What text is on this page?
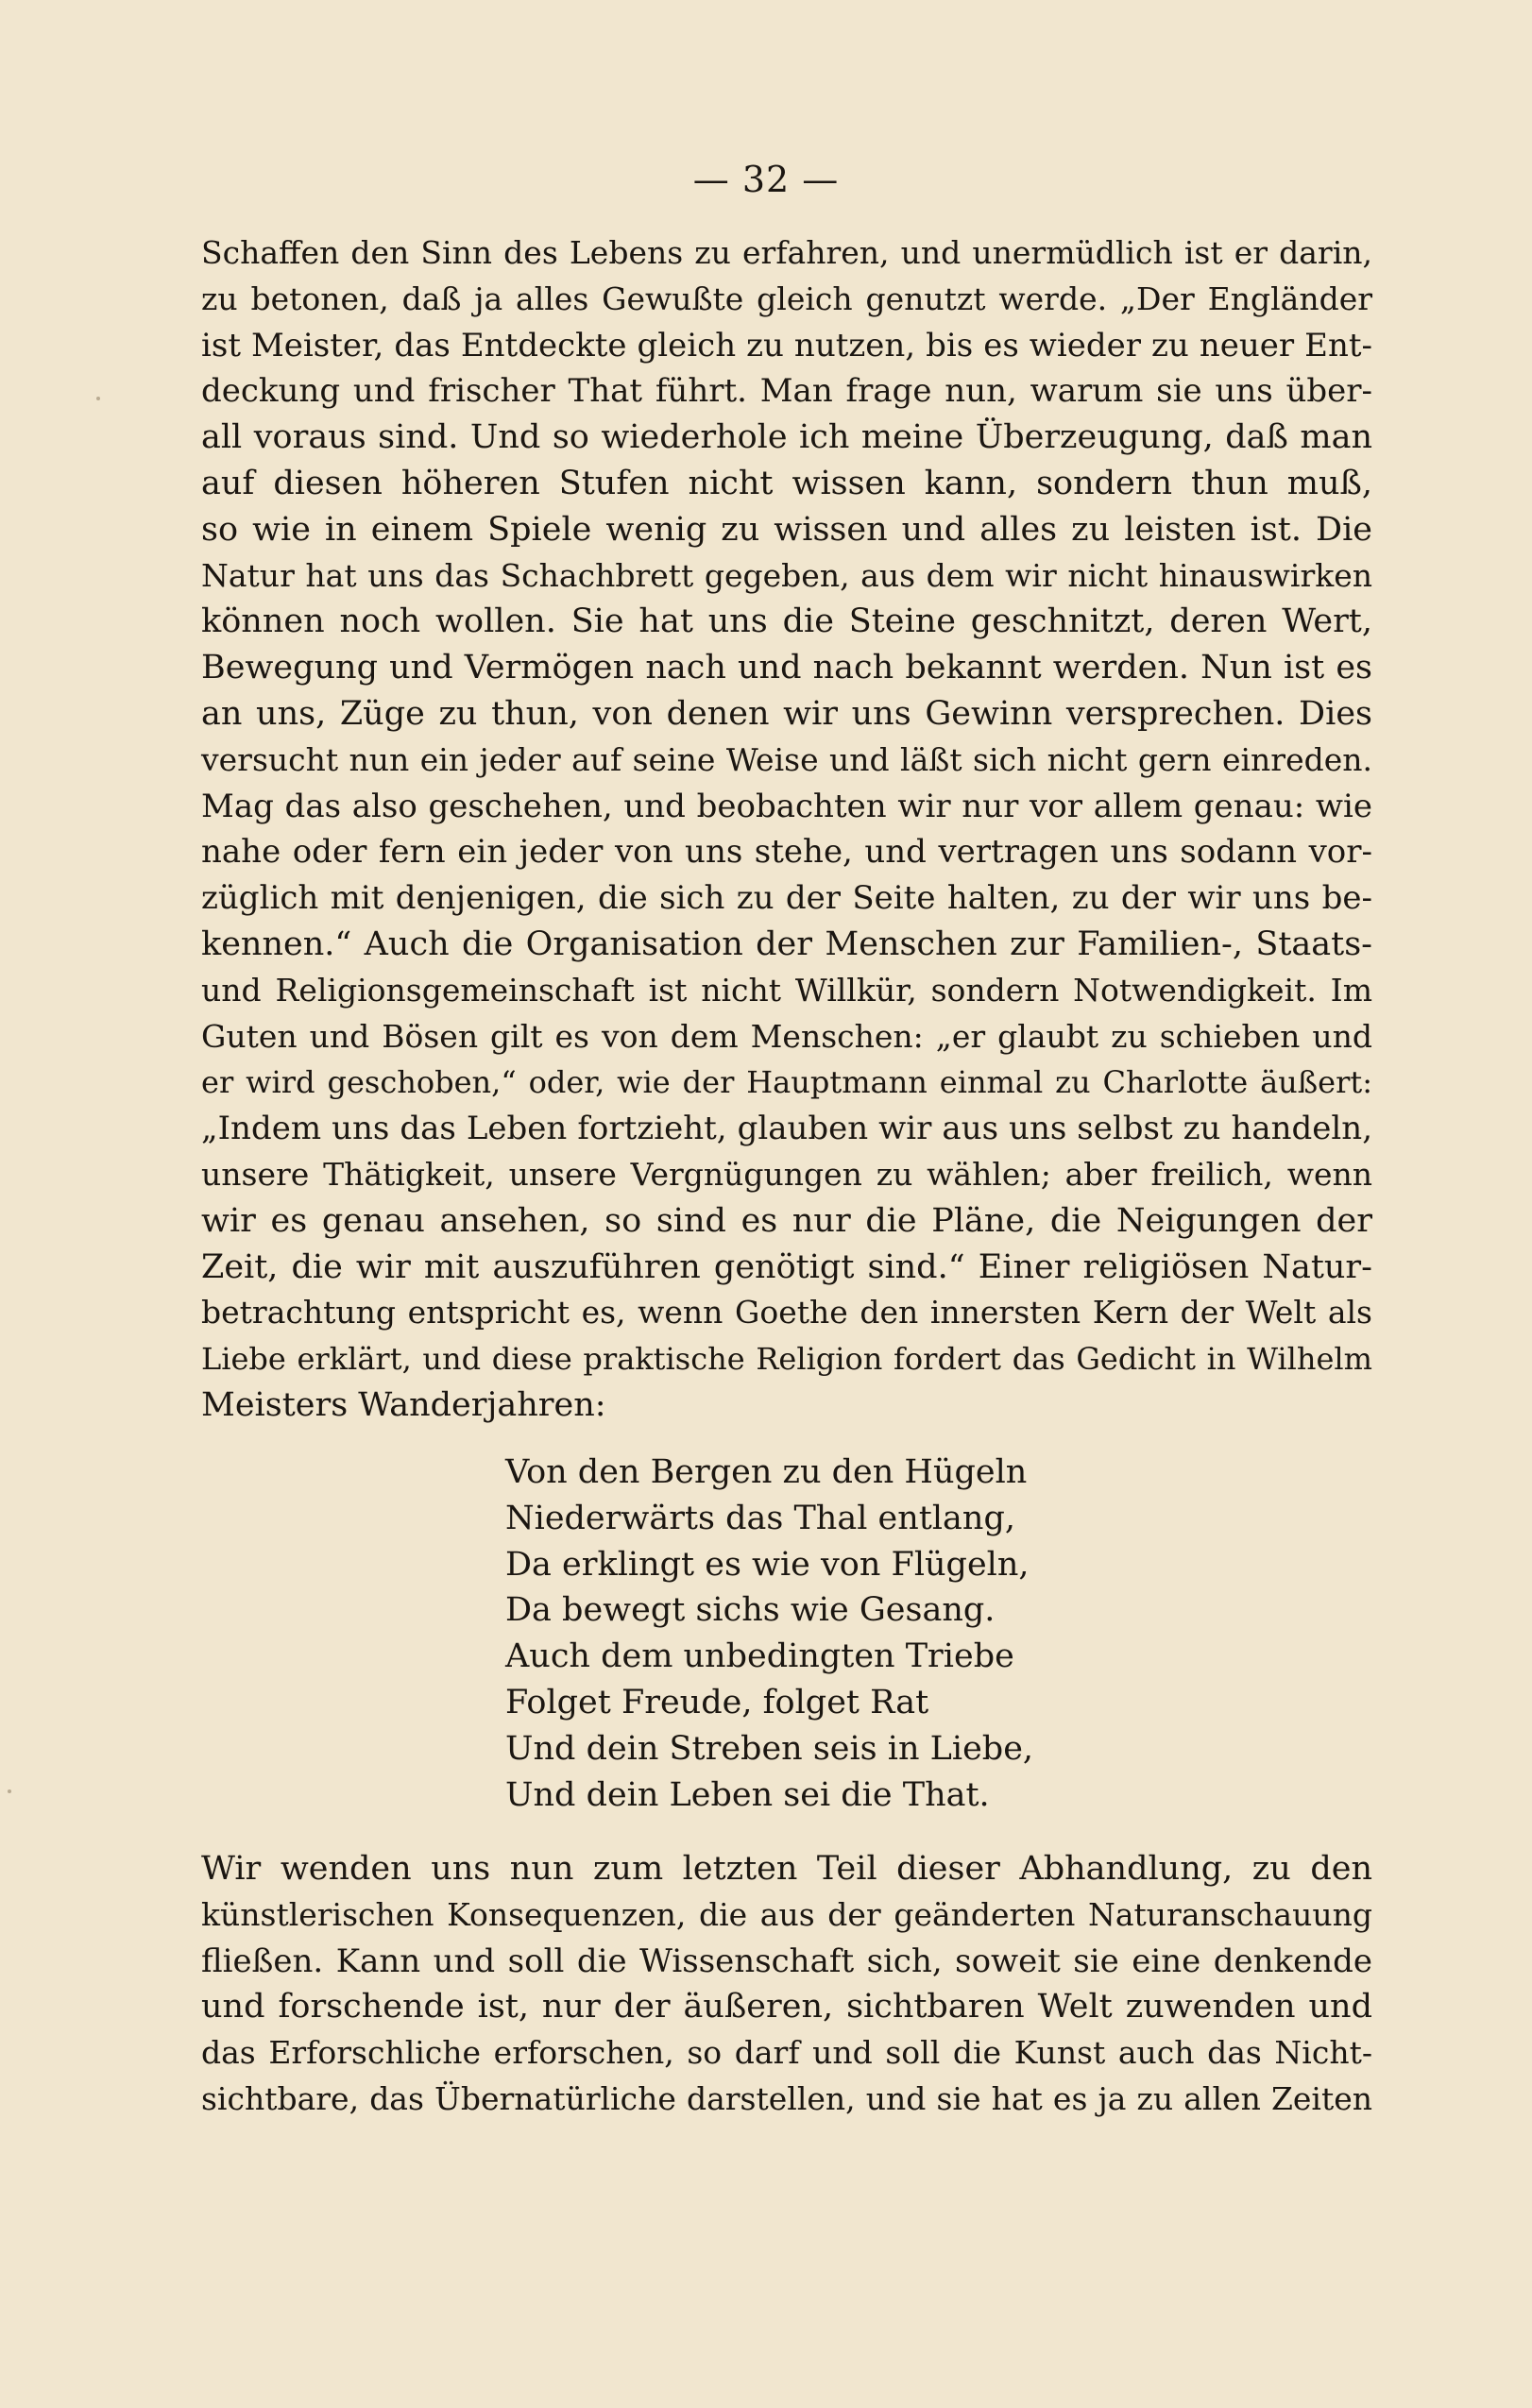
— 32 —
Schaffen den Sinn des Lebens zu erfahren, und unermüdlich ist er darin,
zu betonen, daß ja alles Gewußte gleich genutzt werde. „Der Engländer
ist Meister, das Entdeckte gleich zu nutzen, bis es wieder zu neuer Ent-
deckung und frischer That führt. Man frage nun, warum sie uns über-
all voraus sind. Und so wiederhole ich meine Überzeugung, daß man
auf diesen höheren Stufen nicht wissen kann, sondern thun muß,
so wie in einem Spiele wenig zu wissen und alles zu leisten ist. Die
Natur hat uns das Schachbrett gegeben, aus dem wir nicht hinauswirken
können noch wollen. Sie hat uns die Steine geschnitzt, deren Wert,
Bewegung und Vermögen nach und nach bekannt werden. Nun ist es
an uns, Züge zu thun, von denen wir uns Gewinn versprechen. Dies
versucht nun ein jeder auf seine Weise und läßt sich nicht gern einreden.
Mag das also geschehen, und beobachten wir nur vor allem genau: wie
nahe oder fern ein jeder von uns stehe, und vertragen uns sodann vor-
züglich mit denjenigen, die sich zu der Seite halten, zu der wir uns be-
kennen.“ Auch die Organisation der Menschen zur Familien-, Staats-
und Religionsgemeinschaft ist nicht Willkür, sondern Notwendigkeit. Im
Guten und Bösen gilt es von dem Menschen: „er glaubt zu schieben und
er wird geschoben,“ oder, wie der Hauptmann einmal zu Charlotte äußert:
„Indem uns das Leben fortzieht, glauben wir aus uns selbst zu handeln,
unsere Thätigkeit, unsere Vergnügungen zu wählen; aber freilich, wenn
wir es genau ansehen, so sind es nur die Pläne, die Neigungen der
Zeit, die wir mit auszuführen genötigt sind.“ Einer religiösen Natur-
betrachtung entspricht es, wenn Goethe den innersten Kern der Welt als
Liebe erklärt, und diese praktische Religion fordert das Gedicht in Wilhelm
Meisters Wanderjahren:
Von den Bergen zu den Hügeln
Niederwärts das Thal entlang,
Da erklingt es wie von Flügeln,
Da bewegt sichs wie Gesang.
Auch dem unbedingten Triebe
Folget Freude, folget Rat
Und dein Streben seis in Liebe,
Und dein Leben sei die That.
Wir wenden uns nun zum letzten Teil dieser Abhandlung, zu den
künstlerischen Konsequenzen, die aus der geänderten Naturanschauung
fließen. Kann und soll die Wissenschaft sich, soweit sie eine denkende
und forschende ist, nur der äußeren, sichtbaren Welt zuwenden und
das Erforschliche erforschen, so darf und soll die Kunst auch das Nicht-
sichtbare, das Übernatürliche darstellen, und sie hat es ja zu allen Zeiten
